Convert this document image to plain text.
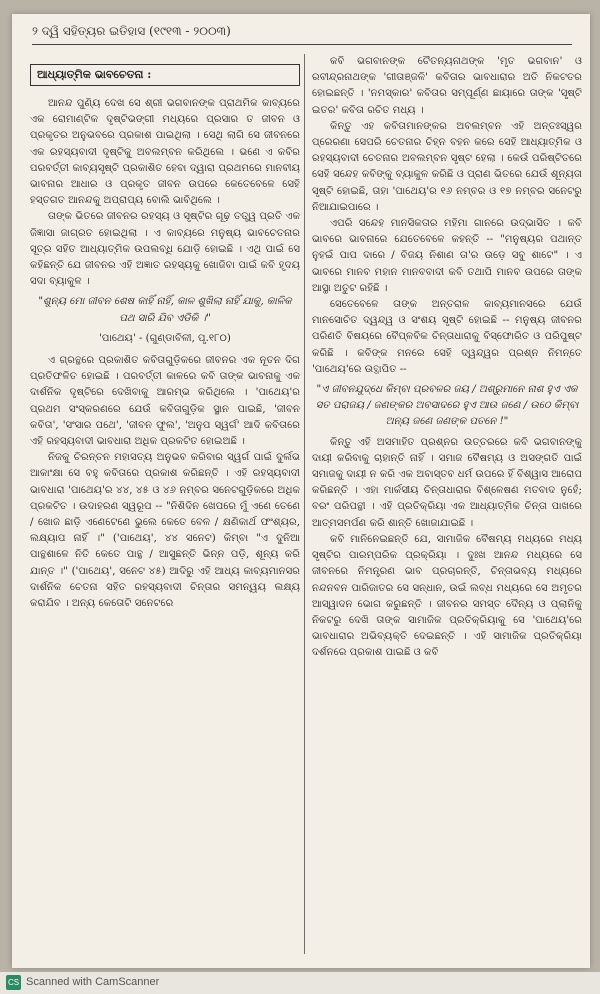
୨ ଦ୍ୱି ସହିତ୍ୟର ଇତିହାସ (୧୯୧୩ - ୨୦୦୩)
ଆଧ୍ୟାତ୍ମିକ ଭାବଚେତନା :

ଆନନ୍ଦ ପୁଣ୍ୟି ଦେଖ ସେ ଶ୍ରୀ ଭଗବାନଙ୍କ ପ୍ରାଥମିକ କାବ୍ୟରେ ଏକ ରୋମାଣ୍ଟିକ ଦୃଷ୍ଟିଭଙ୍ଗୀ ମଧ୍ୟରେ ପ୍ରସାର ତ ଜୀବନ ଓ ପ୍ରକୃତର ଅନୁଭବରେ ପ୍ରକାଶ ପାଇଥିଲା । ସେଥି ଲାଗି ସେ ଜୀବନରେ ଏକ ରହସ୍ୟବାଦୀ ଦୃଷ୍ଟିକୁ ଅବଲମ୍ବନ କରିଥିଲେ । ଭଣେ ଏ କବିର ପରବର୍ତ୍ତୀ କାବ୍ୟସୃଷ୍ଟି ପ୍ରକାଶିତ ହେବା ଦ୍ୱାରା ପ୍ରଥମରେ ମାନବୀୟ ଭାବନାର ଆଧାର ଓ ପ୍ରକୃତ ଜୀବନ ଉପରେ କେତେବେଳେ ସେହି ହସ୍ତଗତ ଆନନ୍ଦକୁ ଅପ୍ରାପ୍ୟ ବୋଲି ଭାବିଥିଲେ ।

ତାଙ୍କ ଭିତରେ ଜୀବନର ରହସ୍ୟ ଓ ସୃଷ୍ଟିର ଗୂଢ଼ ତତ୍ତ୍ୱ ପ୍ରତି ଏକ ଜିଜ୍ଞାସା ଜାଗ୍ରତ ହୋଇଥିଲା । ଏ କାବ୍ୟରେ ମନୁଷ୍ୟ ଭାବଚେତନାର ସୂତ୍ର ସହିତ ଆଧ୍ୟାତ୍ମିକ ଉପଲବ୍ଧି ଯୋଡ଼ି ହୋଇଛି । ଏଥି ପାଇଁ ସେ କହିଛନ୍ତି ଯେ ଜୀବନର ଏହି ଅଜ୍ଞାତ ରହସ୍ୟକୁ ଖୋଜିବା ପାଇଁ କବି ହୃଦୟ ସଦା ବ୍ୟାକୁଳ ।

"ଶୁନ୍ୟ ମୋ ଜୀବନ ଶେଷ କାହିଁ ନାହିଁ, କାଳ ଶୁଖିଲା ନାହିଁ ଯାକୁ, କାଳିକ ପଥ ସାରି ଯିବ ଏଡିକି ।"
'ପାଥେୟ' - (ଗୁଣ୍ଡାବିଳୀ, ପୃ.୧୮୦)

ଏ ଗ୍ରନ୍ଥରେ ପ୍ରକାଶିତ କବିତାଗୁଡ଼ିକରେ ଜୀବନର ଏକ ନୂତନ ଦିଗ ପ୍ରତିଫଳିତ ହୋଇଛି । ପରବର୍ତ୍ତୀ କାଳରେ କବି ତାଙ୍କ ଭାବନାକୁ ଏକ ଦାର୍ଶନିକ ଦୃଷ୍ଟିରେ ଦେଖିବାକୁ ଆରମ୍ଭ କରିଥିଲେ । 'ପାଥେୟ'ର ପ୍ରଥମ ସଂସ୍କରଣରେ ଯେଉଁ କବିତାଗୁଡ଼ିକ ସ୍ଥାନ ପାଇଛି, 'ଜୀବନ କବିତା', 'ସଂସାର ପଥେ', 'ଜୀବନ ଫୁଲ', 'ଅନୁପ ସ୍ୱର୍ଗ' ଆଦି କବିତାରେ ଏହି ରହସ୍ୟବାଦୀ ଭାବଧାରା ଅଧିକ ପ୍ରକଟିତ ହୋଇଅଛି ।

ନିଜକୁ ଚିରନ୍ତନ ମହାସତ୍ୟ ଅନୁଭବ କରିବାର ସ୍ୱର୍ଗ ପାଇଁ ଦୁର୍ଲଭ ଆକାଂକ୍ଷା ସେ ବହୁ କବିତାରେ ପ୍ରକାଶ କରିଛନ୍ତି । ଏହି ରହସ୍ୟବାଦୀ ଭାବଧାରା 'ପାଥେୟ'ର ୪୪, ୪୫ ଓ ୪୬ ନମ୍ବର ସନେଟଗୁଡ଼ିକରେ ଅଧିକ ପ୍ରକଟିତ । ଉଦାହରଣ ସ୍ୱରୂପ -- "ନିଶିଦିନ ଖେପରେ ମୁଁ ଏଣେ ତେଣେ / ଖୋଜ ଛାଡ଼ି ଏଣେଟେଣେ ଭୁଲେ କେତେ ବେଳ / କ୍ଷଣିକାର୍ଥ ଫଂଶ୍ୟର, ଲକ୍ଷ୍ୟାପ ନାହିଁ ।" ('ପାଥେୟ', ୪୪ ସନେଟ) କିମ୍ବା "ଏ ଦୁନିଆ ପାନ୍ଥଶାଳେ ନିତି କେତେ ପାନ୍ଥ / ଆସୁଛନ୍ତି ଭିନ୍ନ ପଡ଼ି, ଶୂନ୍ୟ କରି ଯାନ୍ତ ।" ('ପାଥେୟ', ସନେଟ ୪୫) ଆଦିରୁ ଏହି ଆଧ୍ୟ କାବ୍ୟମାନସର ଦାର୍ଶନିକ ଚେତନା ସହିତ ରହସ୍ୟବାଦୀ ଚିନ୍ତାର ସମନ୍ୱୟ ଲକ୍ଷ୍ୟ କରାଯିବ । ଅନ୍ୟ କେତୋଟି ସନେଟରେ

କବି ଭଗବାନଙ୍କ ଚୈତନ୍ୟନାଥଙ୍କ 'ମୃତ ଭଗବାନ' ଓ ରବୀନ୍ଦ୍ରନାଥଙ୍କ 'ଗୀତାଞ୍ଜଳି' କବିତାର ଭାବଧାରାର ଅତି ନିକଟତର ହୋଇଛନ୍ତି । 'ନମସ୍କାର' କବିତାର ସମ୍ପୂର୍ଣ୍ଣ ଛାୟାରେ ତାଙ୍କ 'ସୃଷ୍ଟି ଇତର' କବିତା ରଚିତ ମଧ୍ୟ ।

କିନ୍ତୁ ଏହ କବିତାମାନଙ୍କର ଅବଲମ୍ବନ ଏହି ଅନ୍ତଃସ୍ୱର ପ୍ରେରଣା ସେପରି ଚେତନାର ଚିହ୍ନ ବହନ କରେ ସେହି ଆଧ୍ୟାତ୍ମିକ ଓ ରହସ୍ୟବାଦୀ ଚେତନାର ଅବଲମ୍ବନ ସୃଷ୍ଟ ହେଲା । କେଉଁ ପରିଷ୍ଟିତରେ ସେହି ସନ୍ଦେହ କବିଙ୍କୁ ବ୍ୟାକୁଳ କରିଛି ଓ ପ୍ରାଣ ଭିତରେ ଯେଉଁ ଶୂନ୍ୟତା ସୃଷ୍ଟି ହୋଇଛି, ତାହା 'ପାଥେୟ'ର ୧୬ ନମ୍ବର ଓ ୧୭ ନମ୍ବର ସନେଟରୁ ନିଆଯାଇପାରେ ।

ଏପରି ସନ୍ଦେହ ମାନସିକତାର ମହିମା ଗାନରେ ଉଦ୍ଭାସିତ । କବି ଭାବରେ ଭାବନାରେ ଯେତେବେଳେ କହନ୍ତି -- "ମନୁଷ୍ୟର ପଥାନ୍ତ ନୁହଇଁ ପାପ ଦାରେ / ବିଜୟ ନିଶାଣ ତା'ର ଉଡ଼େ ସବୁ ଶାଟେ" । ଏ ଭାବରେ ମାନବ ମହାନ ମାନବବାଦୀ କବି ତଥାପି ମାନବ ଉପରେ ତାଙ୍କ ଆସ୍ଥା ଅତୁଟ ରହିଛି ।

ସେତେବେଳେ ତାଙ୍କ ଅନ୍ତରାଳ କାବ୍ୟମାନସରେ ଯେଉଁ ମାନସୋଚିତ ଦ୍ୱନ୍ଦ୍ୱ ଓ ସଂଶୟ ସୃଷ୍ଟି ହୋଇଛି -- ମନୁଷ୍ୟ ଜୀବନର ପରିଣତି ବିଷୟରେ ବୈପ୍ଳବିକ ଚିନ୍ତାଧାରାକୁ ବିସ୍ଫୋରିତ ଓ ପରିପୁଷ୍ଟ କରିଛି । କବିଙ୍କ ମନରେ ସେହି ଦ୍ୱନ୍ଦ୍ୱର ପ୍ରଶ୍ନ ନିମନ୍ତେ 'ପାଥେୟ'ରେ ଉତ୍ଥାପିତ --

"ଏ ଜୀବନଯୁଦ୍ଧେ କିମ୍ବା ପ୍ରବଳର ଜୟ / ଅଶ୍ରୁମାନେ ନାଶ ହୁଏ ଏକ ସତ ପରାଜୟ / ଜଣଙ୍କର ଅବସାଦରେ ହୁଏ ଆଉ ଜଣେ / ଉଠେ କିମ୍ବା ଅନ୍ୟ ଜଣେ ଜଣଙ୍କ ପତନେ !"

କିନ୍ତୁ ଏହି ଅସମାହିତ ପ୍ରଶ୍ନର ଉତ୍ତରରେ କବି ଭଗବାନଙ୍କୁ ଦାୟୀ କରିବାକୁ ଚାହାନ୍ତି ନାହିଁ । ସମାଜ ବୈଷମ୍ୟ ଓ ଅସଙ୍ଗତି ପାଇଁ ସମାଜକୁ ଦାୟୀ ନ କରି ଏକ ଅବାସ୍ତବ ଧର୍ମ ଉପରେ ହିଁ ବିଶ୍ୱାସ ଆରୋପ କରିଛନ୍ତି । ଏହା ମାର୍କସୀୟ ଚିନ୍ତାଧାରାର ବିଶ୍ଳେଷଣ ମତବାଦ ନୁହେଁ; ବରଂ ପରିପନ୍ଥୀ । ଏହି ପ୍ରତିକ୍ରିୟା ଏକ ଆଧ୍ୟାତ୍ମିକ ଚିନ୍ତା ପାଖରେ ଆତ୍ମସମର୍ପଣ କରି ଶାନ୍ତି ଖୋଜାଯାଇଛି ।

କବି ମାନିନେଇଛନ୍ତି ଯେ, ସାମାଜିକ ବୈଷମ୍ୟ ମଧ୍ୟରେ ମଧ୍ୟ ସୃଷ୍ଟିର ପାରମ୍ପରିକ ପ୍ରକ୍ରିୟା । ଦୁଃଖ ଆନନ୍ଦ ମଧ୍ୟରେ ସେ ଜୀବନରେ ନିମନ୍ତ୍ରଣ ଭାବ ପ୍ରଚାରନ୍ତି, ଚିନ୍ତାଭବ୍ୟ ମଧ୍ୟରେ ନନ୍ଦନବନ ପାରିଜାତର ସେ ସନ୍ଧାନ, ଉଇଁ ଲବ୍ଧ ମଧ୍ୟରେ ସେ ଅମୃତର ଆସ୍ୱାଦନ ଭୋଗ କରୁଛନ୍ତି । ଜୀବନର ସମସ୍ତ ଦୈନ୍ୟ ଓ ପ୍ଲାନିକୁ ନିକଟରୁ ଦେଖି ତାଙ୍କ ସାମାଜିକ ପ୍ରତିକ୍ରିୟାକୁ ସେ 'ପାଥେୟ'ରେ ଭାବଧାରାର ଅଭିବ୍ୟକ୍ତି ଦେଇଛନ୍ତି । ଏହି ସାମାଜିକ ପ୍ରତିକ୍ରିୟା ଦର୍ଶନରେ ପ୍ରକାଶ ପାଇଛି ଓ କବି

CS Scanned with CamScanner
